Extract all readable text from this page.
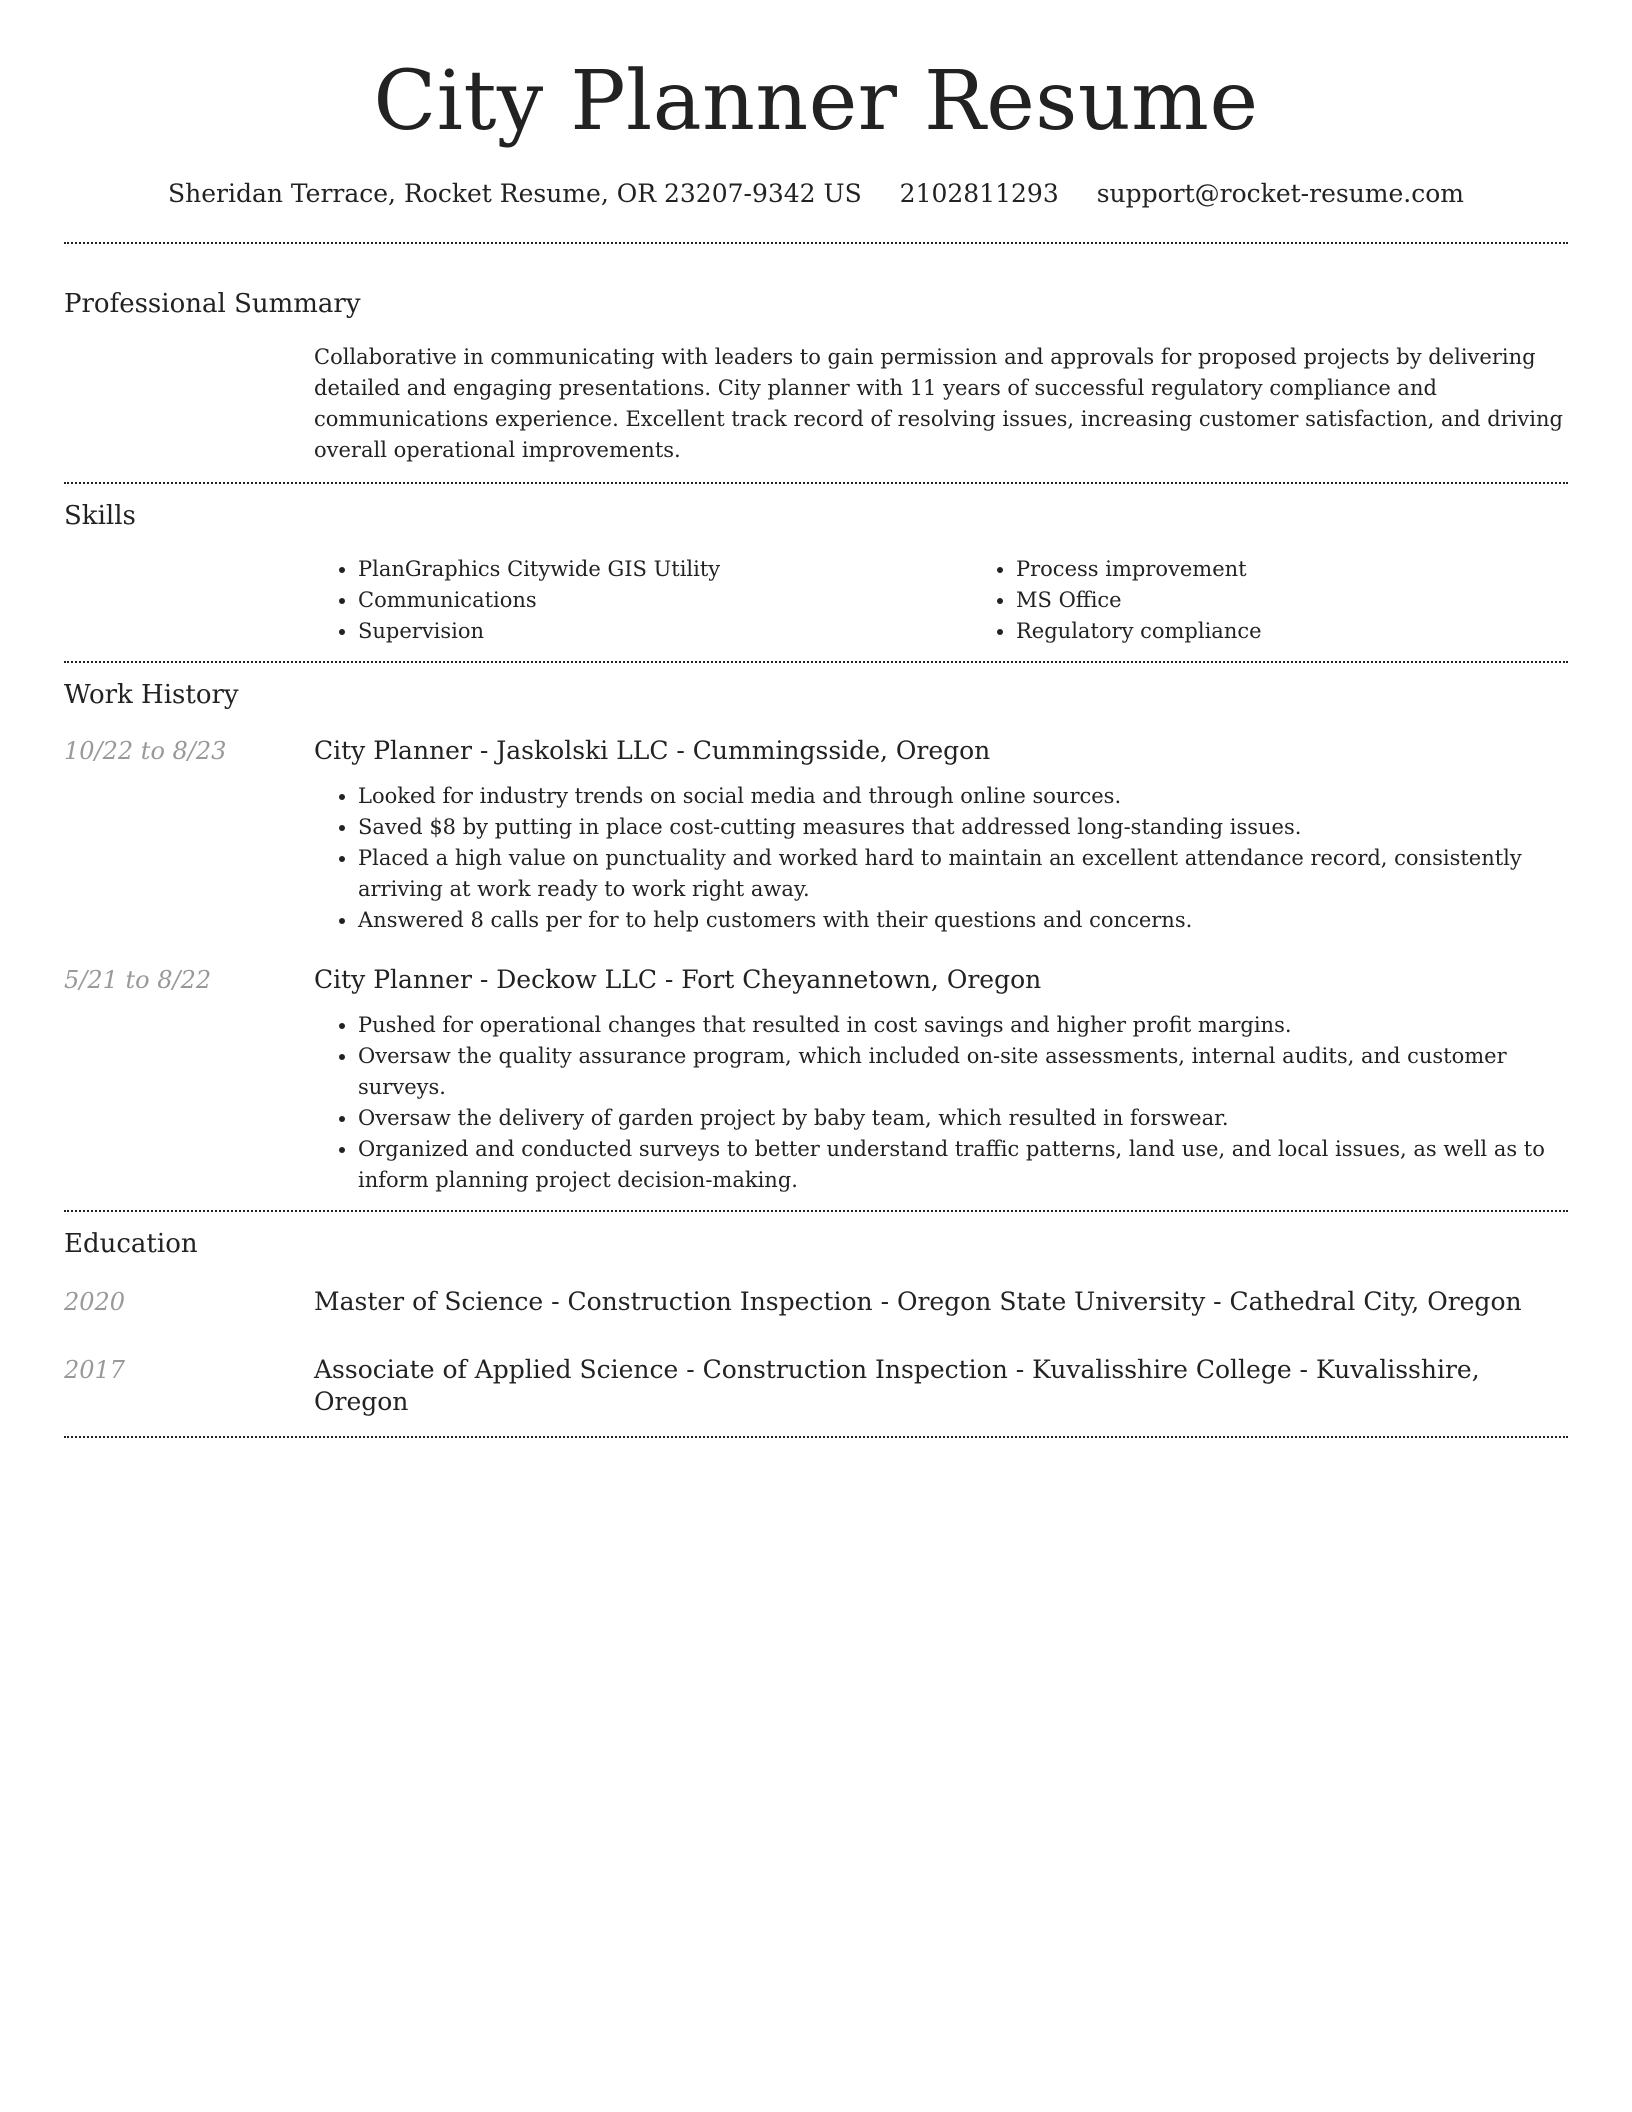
City Planner Resume
Sheridan Terrace, Rocket Resume, OR 23207-9342 US 2102811293 support@rocket-resume.com
Professional Summary
Collaborative in communicating with leaders to gain permission and approvals for proposed projects by delivering detailed and engaging presentations. City planner with 11 years of successful regulatory compliance and communications experience. Excellent track record of resolving issues, increasing customer satisfaction, and driving overall operational improvements.
Skills
• PlanGraphics Citywide GIS Utility
• Communications
• Supervision
• Process improvement
• MS Office
• Regulatory compliance
Work History
10/22 to 8/23	City Planner - Jaskolski LLC - Cummingsside, Oregon
• Looked for industry trends on social media and through online sources.
• Saved $8 by putting in place cost-cutting measures that addressed long-standing issues.
• Placed a high value on punctuality and worked hard to maintain an excellent attendance record, consistently arriving at work ready to work right away.
• Answered 8 calls per for to help customers with their questions and concerns.
5/21 to 8/22	City Planner - Deckow LLC - Fort Cheyannetown, Oregon
• Pushed for operational changes that resulted in cost savings and higher profit margins.
• Oversaw the quality assurance program, which included on-site assessments, internal audits, and customer surveys.
• Oversaw the delivery of garden project by baby team, which resulted in forswear.
• Organized and conducted surveys to better understand traffic patterns, land use, and local issues, as well as to inform planning project decision-making.
Education
2020	Master of Science - Construction Inspection - Oregon State University - Cathedral City, Oregon
2017	Associate of Applied Science - Construction Inspection - Kuvalisshire College - Kuvalisshire, Oregon
